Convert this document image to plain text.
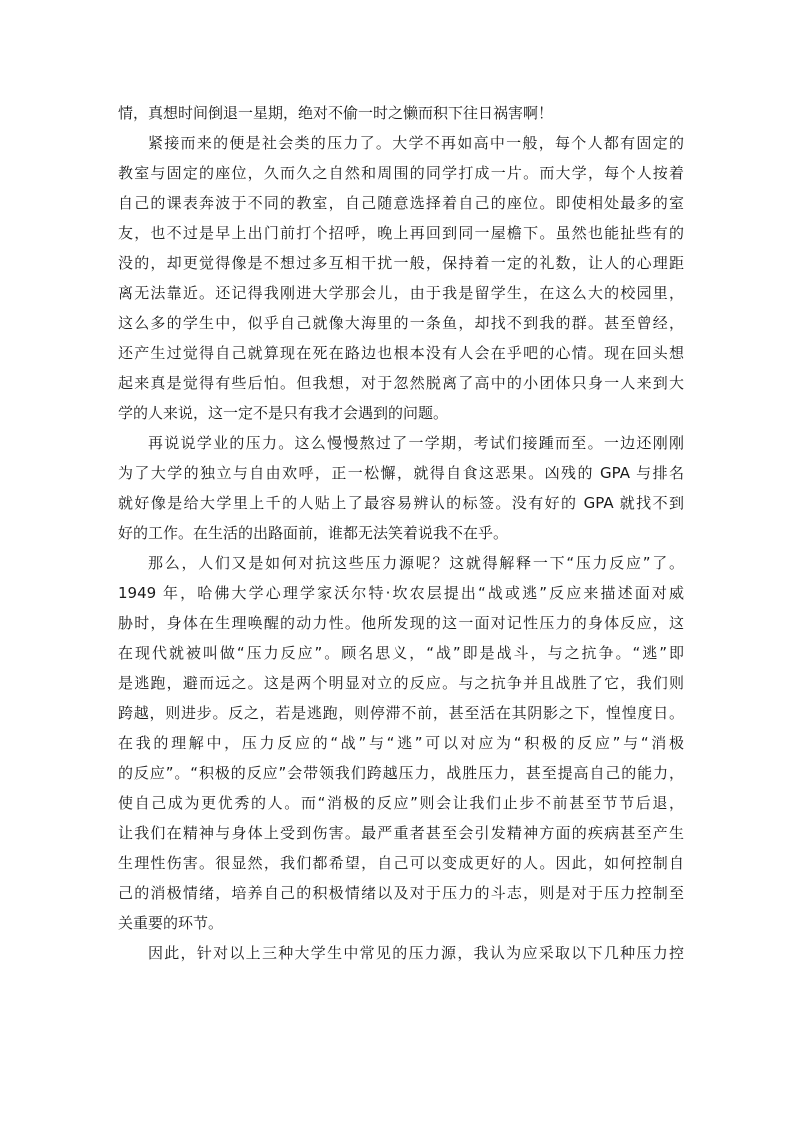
情，真想时间倒退一星期，绝对不偷一时之懒而积下往日祸害啊！
紧接而来的便是社会类的压力了。大学不再如高中一般，每个人都有固定的
教室与固定的座位，久而久之自然和周围的同学打成一片。而大学，每个人按着
自己的课表奔波于不同的教室，自己随意选择着自己的座位。即使相处最多的室
友，也不过是早上出门前打个招呼，晚上再回到同一屋檐下。虽然也能扯些有的
没的，却更觉得像是不想过多互相干扰一般，保持着一定的礼数，让人的心理距
离无法靠近。还记得我刚进大学那会儿，由于我是留学生，在这么大的校园里，
这么多的学生中，似乎自己就像大海里的一条鱼，却找不到我的群。甚至曾经，
还产生过觉得自己就算现在死在路边也根本没有人会在乎吧的心情。现在回头想
起来真是觉得有些后怕。但我想，对于忽然脱离了高中的小团体只身一人来到大
学的人来说，这一定不是只有我才会遇到的问题。
再说说学业的压力。这么慢慢熬过了一学期，考试们接踵而至。一边还刚刚
为了大学的独立与自由欢呼，正一松懈，就得自食这恶果。凶残的 GPA 与排名
就好像是给大学里上千的人贴上了最容易辨认的标签。没有好的 GPA 就找不到
好的工作。在生活的出路面前，谁都无法笑着说我不在乎。
那么，人们又是如何对抗这些压力源呢？这就得解释一下“压力反应”了。
1949 年，哈佛大学心理学家沃尔特·坎农层提出“战或逃”反应来描述面对威
胁时，身体在生理唤醒的动力性。他所发现的这一面对记性压力的身体反应，这
在现代就被叫做“压力反应”。顾名思义，“战”即是战斗，与之抗争。“逃”即
是逃跑，避而远之。这是两个明显对立的反应。与之抗争并且战胜了它，我们则
跨越，则进步。反之，若是逃跑，则停滞不前，甚至活在其阴影之下，惶惶度日。
在我的理解中，压力反应的“战”与“逃”可以对应为“积极的反应”与“消极
的反应”。“积极的反应”会带领我们跨越压力，战胜压力，甚至提高自己的能力，
使自己成为更优秀的人。而“消极的反应”则会让我们止步不前甚至节节后退，
让我们在精神与身体上受到伤害。最严重者甚至会引发精神方面的疾病甚至产生
生理性伤害。很显然，我们都希望，自己可以变成更好的人。因此，如何控制自
己的消极情绪，培养自己的积极情绪以及对于压力的斗志，则是对于压力控制至
关重要的环节。
因此，针对以上三种大学生中常见的压力源，我认为应采取以下几种压力控
